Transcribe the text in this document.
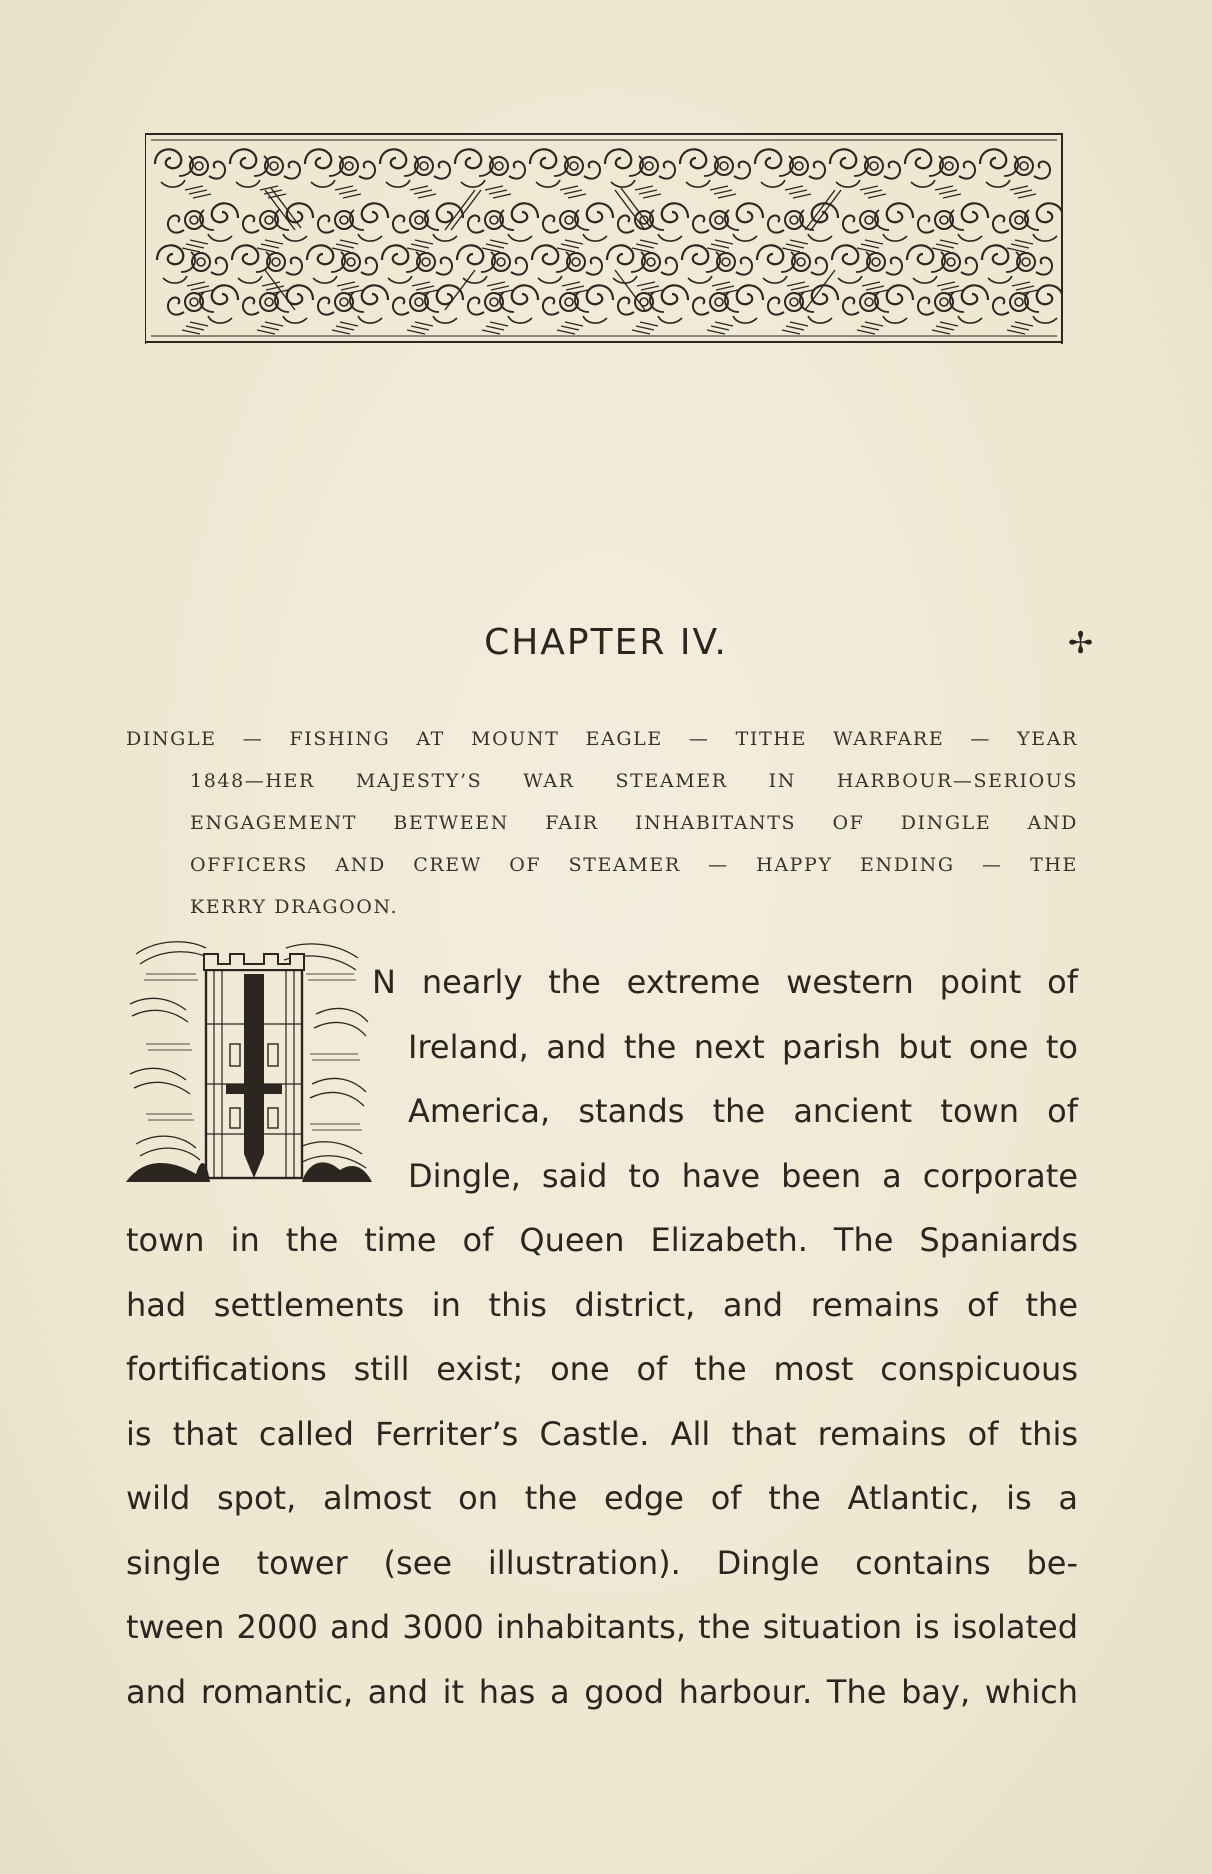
CHAPTER IV.	✢
DINGLE — FISHING AT MOUNT EAGLE — TITHE WARFARE — YEAR
1848—HER MAJESTY’S WAR STEAMER IN HARBOUR—SERIOUS
ENGAGEMENT BETWEEN FAIR INHABITANTS OF DINGLE AND
OFFICERS AND CREW OF STEAMER — HAPPY ENDING — THE
KERRY DRAGOON.
N nearly the extreme western point of
Ireland, and the next parish but one to
America, stands the ancient town of
Dingle, said to have been a corporate
town in the time of Queen Elizabeth. The Spaniards
had settlements in this district, and remains of the
fortifications still exist; one of the most conspicuous
is that called Ferriter’s Castle. All that remains of this
wild spot, almost on the edge of the Atlantic, is a
single tower (see illustration). Dingle contains be-
tween 2000 and 3000 inhabitants, the situation is isolated
and romantic, and it has a good harbour. The bay, which
